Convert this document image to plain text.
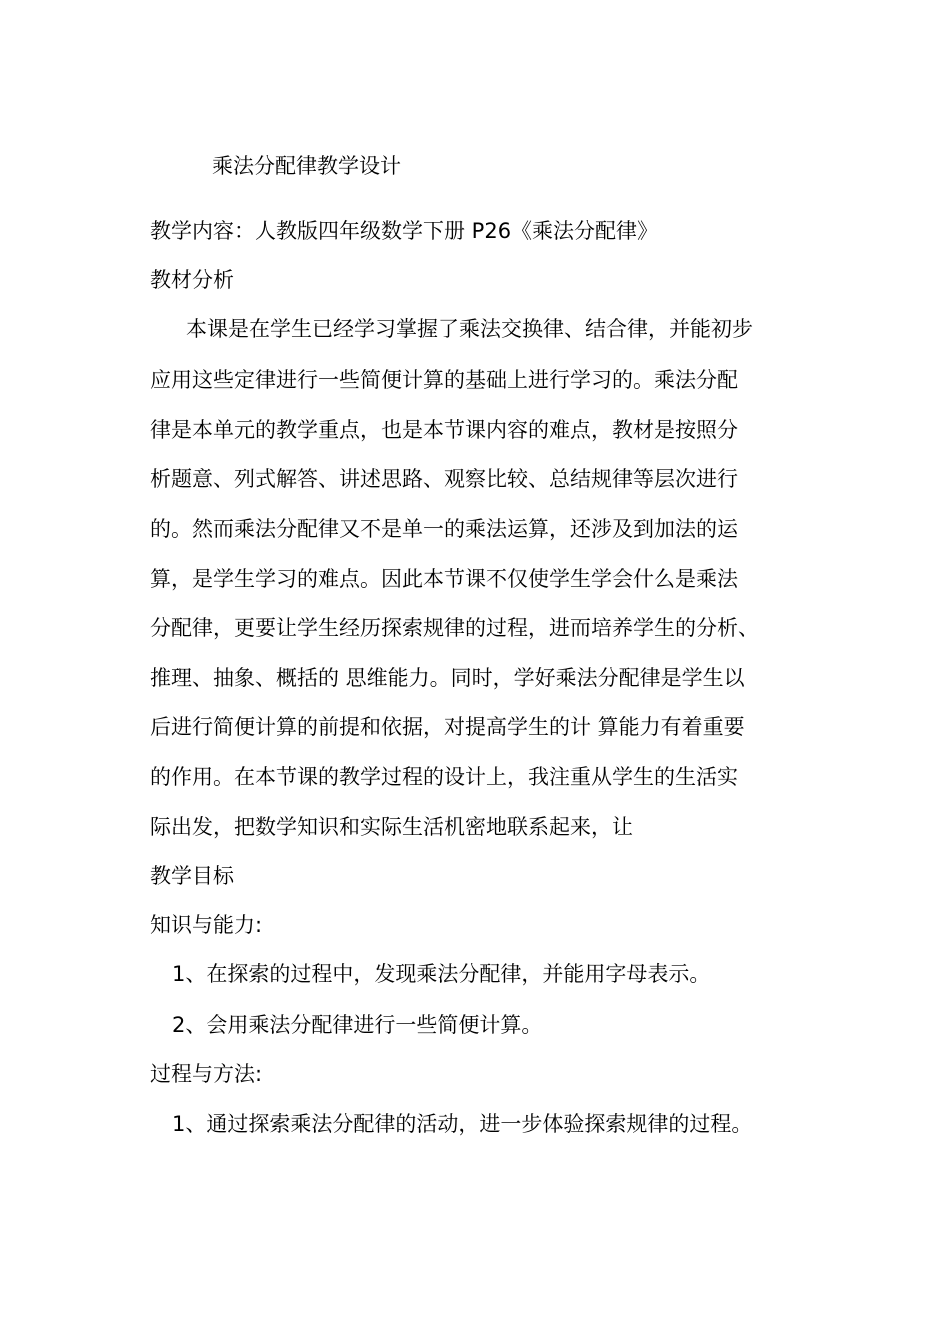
乘法分配律教学设计
教学内容：人教版四年级数学下册 P26《乘法分配律》
教材分析
本课是在学生已经学习掌握了乘法交换律、结合律，并能初步
应用这些定律进行一些简便计算的基础上进行学习的。乘法分配
律是本单元的教学重点，也是本节课内容的难点，教材是按照分
析题意、列式解答、讲述思路、观察比较、总结规律等层次进行
的。然而乘法分配律又不是单一的乘法运算，还涉及到加法的运
算，是学生学习的难点。因此本节课不仅使学生学会什么是乘法
分配律，更要让学生经历探索规律的过程，进而培养学生的分析、
推理、抽象、概括的 思维能力。同时，学好乘法分配律是学生以
后进行简便计算的前提和依据，对提高学生的计 算能力有着重要
的作用。在本节课的教学过程的设计上，我注重从学生的生活实
际出发，把数学知识和实际生活机密地联系起来，让
教学目标
知识与能力:
1、在探索的过程中，发现乘法分配律，并能用字母表示。
2、会用乘法分配律进行一些简便计算。
过程与方法:
1、通过探索乘法分配律的活动，进一步体验探索规律的过程。
